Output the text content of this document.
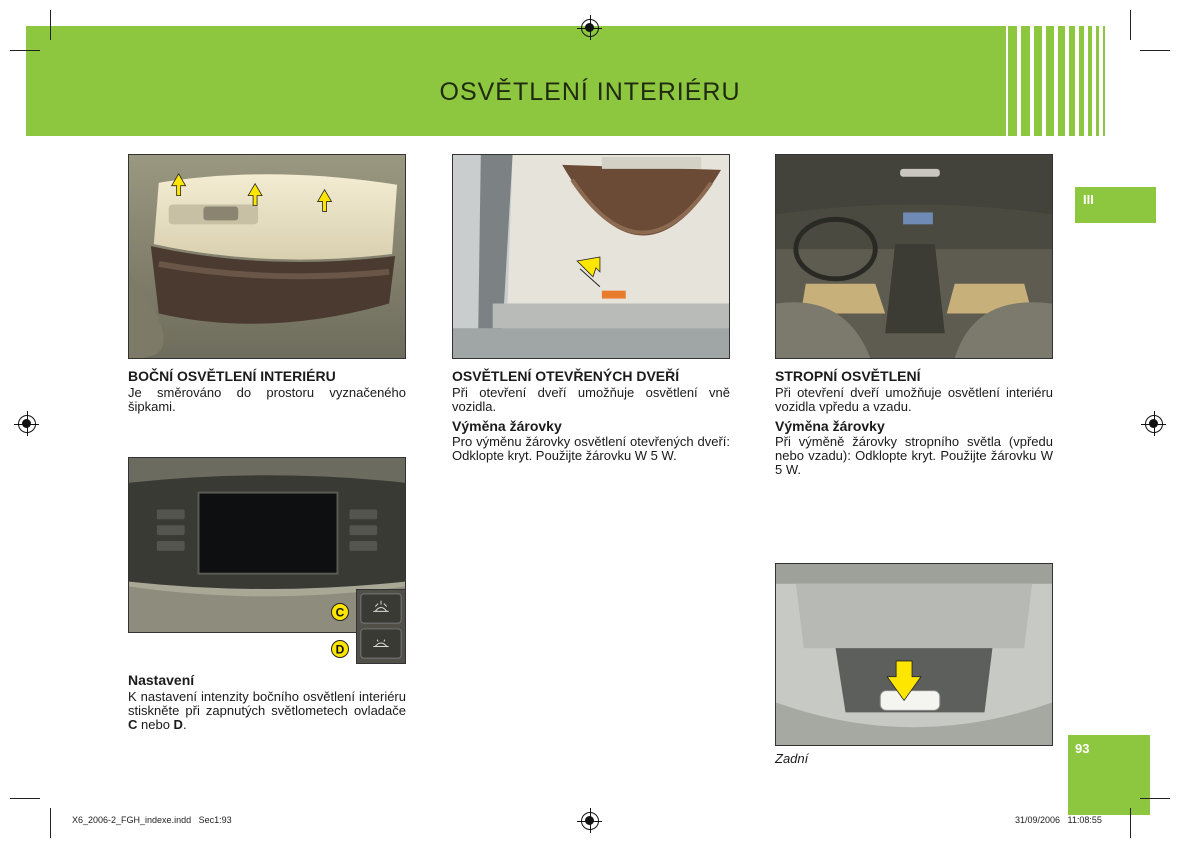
OSVĚTLENÍ INTERIÉRU
III
93
C
D
Zadní
BOČNÍ OSVĚTLENÍ INTERIÉRU
Je směrováno do prostoru vyznačeného šipkami.
Nastavení
K nastavení intenzity bočního osvětlení interiéru stiskněte při zapnutých světlometech ovladače C nebo D.
OSVĚTLENÍ OTEVŘENÝCH DVEŘÍ
Při otevření dveří umožňuje osvětlení vně vozidla.
Výměna žárovky
Pro výměnu žárovky osvětlení otevřených dveří: Odklopte kryt. Použijte žárovku W 5 W.
STROPNÍ OSVĚTLENÍ
Při otevření dveří umožňuje osvětlení interiéru vozidla vpředu a vzadu.
Výměna žárovky
Při výměně žárovky stropního světla (vpředu nebo vzadu): Odklopte kryt. Použijte žárovku W 5 W.
X6_2006-2_FGH_indexe.indd   Sec1:93	31/09/2006   11:08:55
